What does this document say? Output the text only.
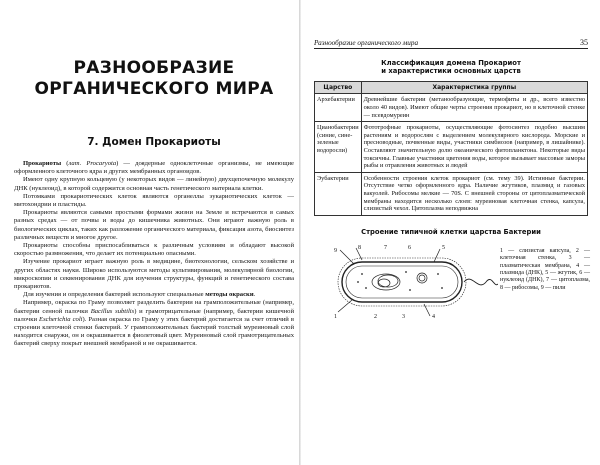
РАЗНООБРАЗИЕ
ОРГАНИЧЕСКОГО МИРА
7. Домен Прокариоты

Прокариоты (лат. Procaryota) — доядерные одноклеточные организмы, не имеющие оформленного клеточного ядра и других мембранных органоидов.

Имеют одну крупную кольцевую (у некоторых видов — линейную) двухцепочечную молекулу ДНК (нуклеоид), в которой содержится основная часть генетического материала клетки.

Потомками прокариотических клеток являются органеллы эукариотических клеток — митохондрии и пластиды.

Прокариоты являются самыми простыми формами жизни на Земле и встречаются в самых разных средах — от почвы и воды до кишечника животных. Они играют важную роль в биологических циклах, таких как разложение органического материала, фиксация азота, биосинтез различных веществ и многое другое.

Прокариоты способны приспосабливаться к различным условиям и обладают высокой скоростью размножения, что делает их потенциально опасными.

Изучение прокариот играет важную роль в медицине, биотехнологии, сельском хозяйстве и других областях науки. Широко используются методы культивирования, молекулярной биологии, микроскопии и секвенирования ДНК для изучения структуры, функций и генетического состава прокариотов.

Для изучения и определения бактерий используют специальные методы окраски.

Например, окраска по Граму позволяет разделить бактерии на грамположительные (например, бактерии сенной палочки Bacillus subtilis) и грамотрицательные (например, бактерии кишечной палочки Escherichia coli). Разная окраска по Граму у этих бактерий достигается за счет отличий в строении клеточной стенки бактерий. У грамположительных бактерий толстый муреиновый слой находится снаружи, он и окрашивается в фиолетовый цвет. Муреиновый слой грамотрицательных бактерий сверху покрыт внешней мембраной и не окрашивается.

Разнообразие органического мира	35
Классификация домена Прокариот
и характеристики основных царств
Царство	Характеристика группы
Архебактерии	Древнейшие бактерии (метанообразующие, термофиты и др., всего известно около 40 видов). Имеют общие черты строения прокариот, но в клеточной стенке — псевдомуреин
Цианобактерии (синие, сине-зеленые водоросли)	Фототрофные прокариоты, осуществляющие фотосинтез подобно высшим растениям и водорослям с выделением молекулярного кислорода. Морские и пресноводные, почвенные виды, участники симбиозов (например, в лишайнике). Составляют значительную долю океанического фитопланктона. Некоторые виды токсичны. Главные участники цветения воды, которое вызывает массовые заморы рыбы и отравления животных и людей
Эубактерии	Особенности строения клеток прокариот (см. тему 39). Истинные бактерии. Отсутствие четко оформленного ядра. Наличие жгутиков, плазмид и газовых вакуолей. Рибосомы мелкие — 70S. С внешней стороны от цитоплазматической мембраны находится несколько слоев: муреиновая клеточная стенка, капсула, слизистый чехол. Цитоплазма неподвижна
Строение типичной клетки царства Бактерии
9	8	7	6	5
1	2	3	4
1 — слизистая капсула, 2 — клеточная стенка, 3 — плазматическая мембрана, 4 — плазмида (ДНК), 5 — жгутик, 6 — нуклеоид (ДНК), 7 — цитоплазма, 8 — рибосомы, 9 — пили
